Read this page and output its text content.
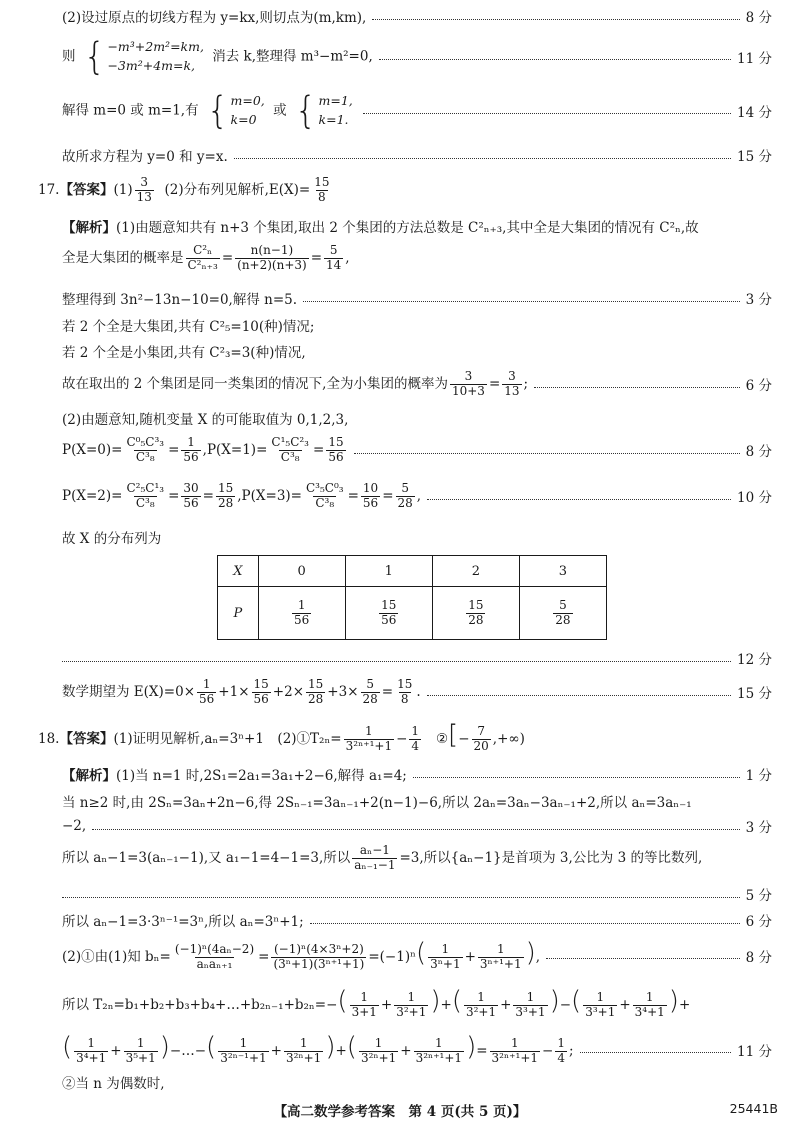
(2)设过原点的切线方程为 y=kx,则切点为(m,km),	8 分
则 { −m³+2m²=km,
−3m²+4m=k,
消去 k,整理得 m³−m²=0,	11 分
解得 m=0 或 m=1,有 { m=0,
k=0
或 { m=1,
k=1.	14 分
故所求方程为 y=0 和 y=x.	15 分
17.【答案】$(1) \frac{3}{13} (2)$分布列见解析$,E(X)= \frac{15}{8}$
【解析】(1)由题意知共有 n+3 个集团,取出 2 个集团的方法总数是 C²ₙ₊₃,其中全是大集团的情况有 C²ₙ,故
全是大集团的概率是 $\frac{\text{C²ₙ}}{\text{C²ₙ₊₃}} = \frac{n(n-1)}{(n+2)(n+3)} = \frac{5}{14}$ ,
整理得到 3n²−13n−10=0,解得 n=5.	3 分
若 2 个全是大集团,共有 C²₅=10(种)情况;
若 2 个全是小集团,共有 C²₃=3(种)情况,
故在取出的 2 个集团是同一类集团的情况下,全为小集团的概率为 $\frac{3}{10+3} = \frac{3}{13}$ ;	6 分
(2)由题意知,随机变量 X 的可能取值为 0,1,2,3,
$P(X=0)= \frac{\text{C⁰₅C³₃}}{\text{C³₈}} = \frac{1}{56} ,P(X=1)= \frac{\text{C¹₅C²₃}}{\text{C³₈}} = \frac{15}{56}$	8 分
$P(X=2)= \frac{\text{C²₅C¹₃}}{\text{C³₈}} = \frac{30}{56} = \frac{15}{28} ,P(X=3)= \frac{\text{C³₅C⁰₃}}{\text{C³₈}} = \frac{10}{56} = \frac{5}{28}$ ,	10 分
故 X 的分布列为
X	0	1	2	3
P	$\frac{1}{56}$	$\frac{15}{56}$	$\frac{15}{28}$	$\frac{5}{28}$
12 分
数学期望为 $E(X)=0\times \frac{1}{56} +1\times \frac{15}{56} +2\times \frac{15}{28} +3\times \frac{5}{28} = \frac{15}{8}$ .	15 分
18.【答案】(1)证明见解析,aₙ=3ⁿ+1　(2)①T₂ₙ= $\frac{1}{\text{3²ⁿ⁺¹+1}} - \frac{1}{4}$ ②[− $\frac{7}{20}$ ,+∞)
【解析】(1)当 n=1 时,2S₁=2a₁=3a₁+2−6,解得 a₁=4;	1 分
当 n≥2 时,由 2Sₙ=3aₙ+2n−6,得 2Sₙ₋₁=3aₙ₋₁+2(n−1)−6,所以 2aₙ=3aₙ−3aₙ₋₁+2,所以 aₙ=3aₙ₋₁
−2,	3 分
所以 aₙ−1=3(aₙ₋₁−1),又 a₁−1=4−1=3,所以 $\frac{\text{aₙ−1}}{\text{aₙ₋₁−1}} =3$,所以{aₙ−1}是首项为 3,公比为 3 的等比数列,
5 分
所以 aₙ−1=3·3ⁿ⁻¹=3ⁿ,所以 aₙ=3ⁿ+1;	6 分
(2)①由(1)知 $b_n= \frac{\text{(−1)ⁿ(4aₙ−2)}}{\text{aₙaₙ₊₁}} = \frac{\text{(−1)ⁿ(4×3ⁿ+2)}}{\text{(3ⁿ+1)(3ⁿ⁺¹+1)}} =(-1)^n( \frac{1}{\text{3ⁿ+1}} + \frac{1}{\text{3ⁿ⁺¹+1}}$ ),	8 分
所以 T₂ₙ=b₁+b₂+b₃+b₄+…+b₂ₙ₋₁+b₂ₙ=−( $\frac{1}{3+1} + \frac{1}{\text{3²+1}}$ )+( $\frac{1}{\text{3²+1}} + \frac{1}{\text{3³+1}}$ )−( $\frac{1}{\text{3³+1}} + \frac{1}{\text{3⁴+1}}$ )+
( $\frac{1}{\text{3⁴+1}} + \frac{1}{\text{3⁵+1}}$ )−…−( $\frac{1}{\text{3²ⁿ⁻¹+1}} + \frac{1}{\text{3²ⁿ+1}}$ )+( $\frac{1}{\text{3²ⁿ+1}} + \frac{1}{\text{3²ⁿ⁺¹+1}}$ )= $\frac{1}{\text{3²ⁿ⁺¹+1}} - \frac{1}{4}$ ;	11 分
②当 n 为偶数时,
【高二数学参考答案　第 4 页(共 5 页)】	25441B
